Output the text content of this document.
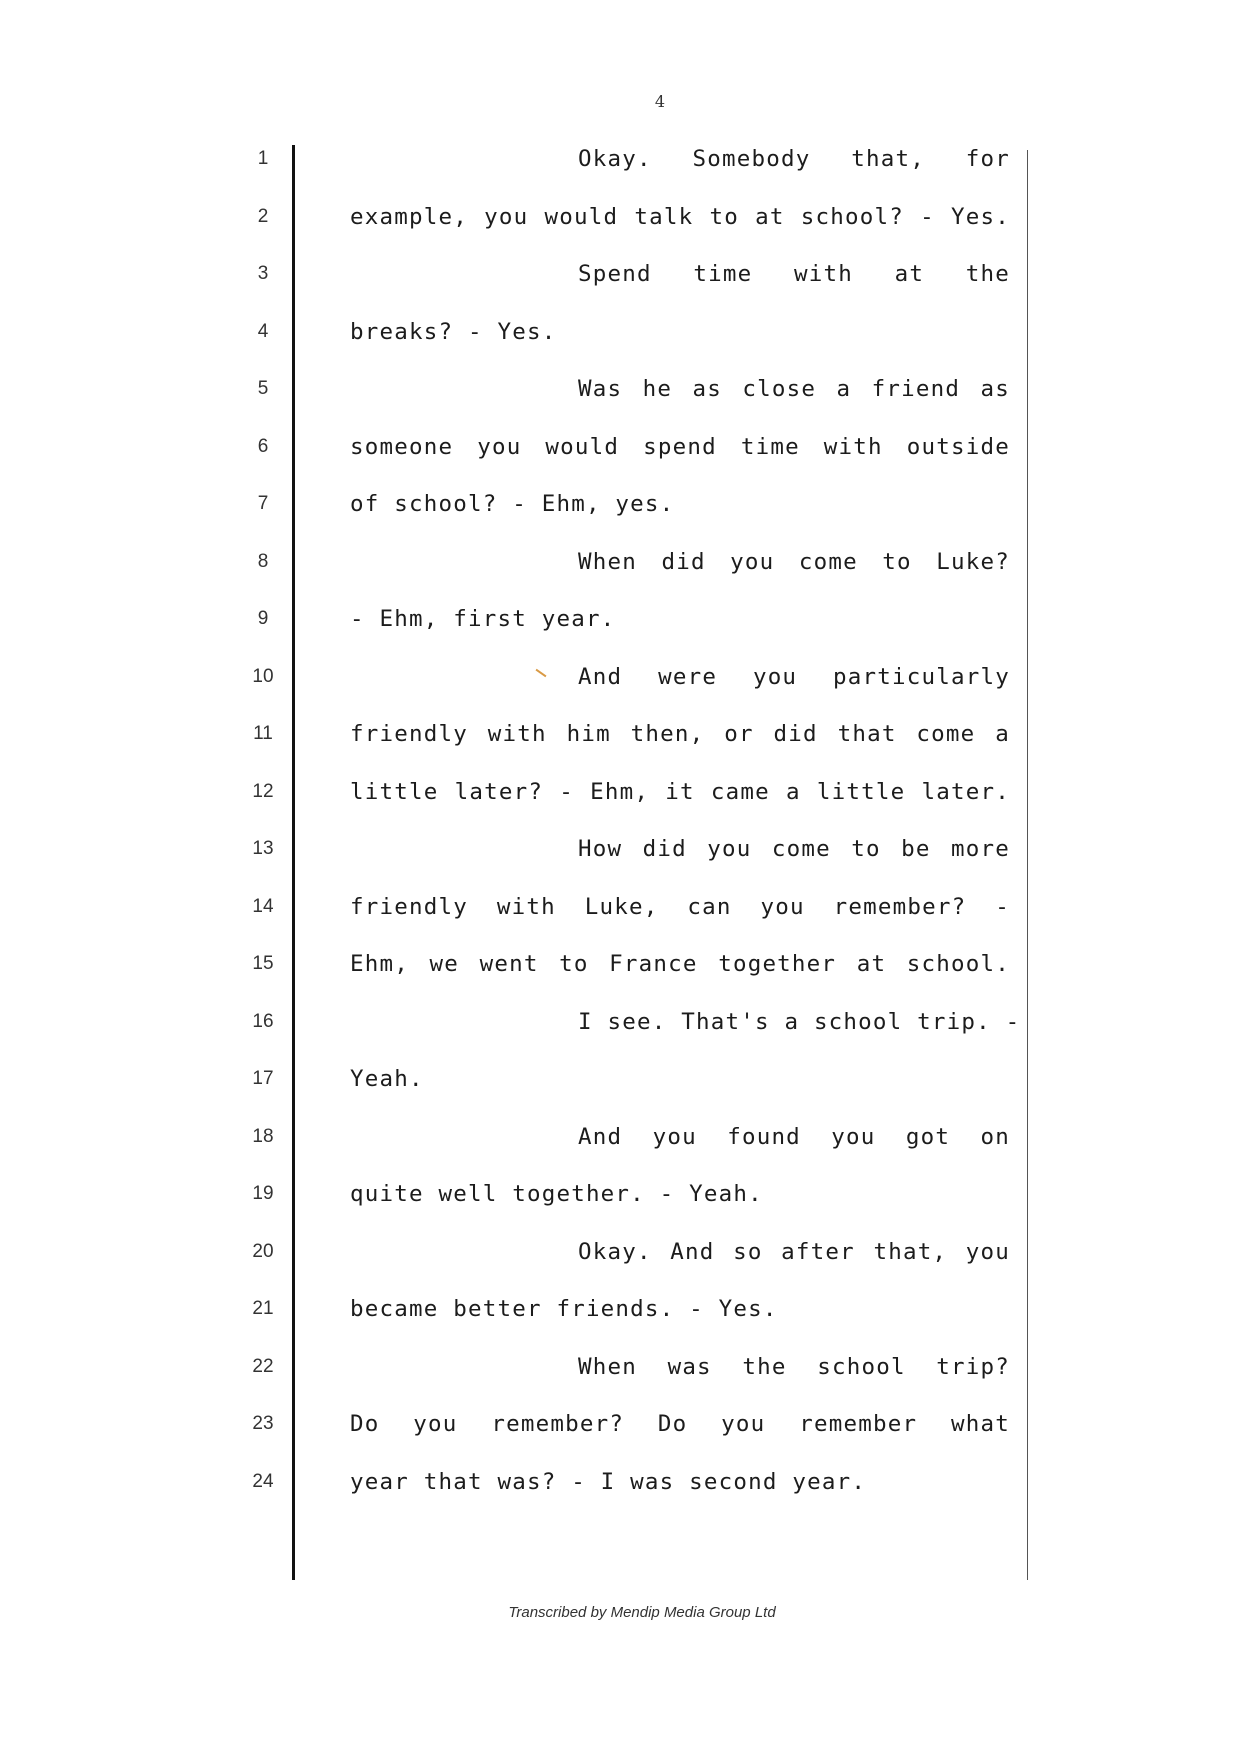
4
1
2
3
4
5
6
7
8
9
10
11
12
13
14
15
16
17
18
19
20
21
22
23
24
Okay. Somebody that, for
example, you would talk to at school? - Yes.
Spend time with at the
breaks? - Yes.
Was he as close a friend as
someone you would spend time with outside
of school? - Ehm, yes.
When did you come to Luke?
- Ehm, first year.
And were you particularly
friendly with him then, or did that come a
little later? - Ehm, it came a little later.
How did you come to be more
friendly with Luke, can you remember? -
Ehm, we went to France together at school.
I see. That's a school trip. -
Yeah.
And you found you got on
quite well together. - Yeah.
Okay. And so after that, you
became better friends. - Yes.
When was the school trip?
Do you remember? Do you remember what
year that was? - I was second year.
Transcribed by Mendip Media Group Ltd
